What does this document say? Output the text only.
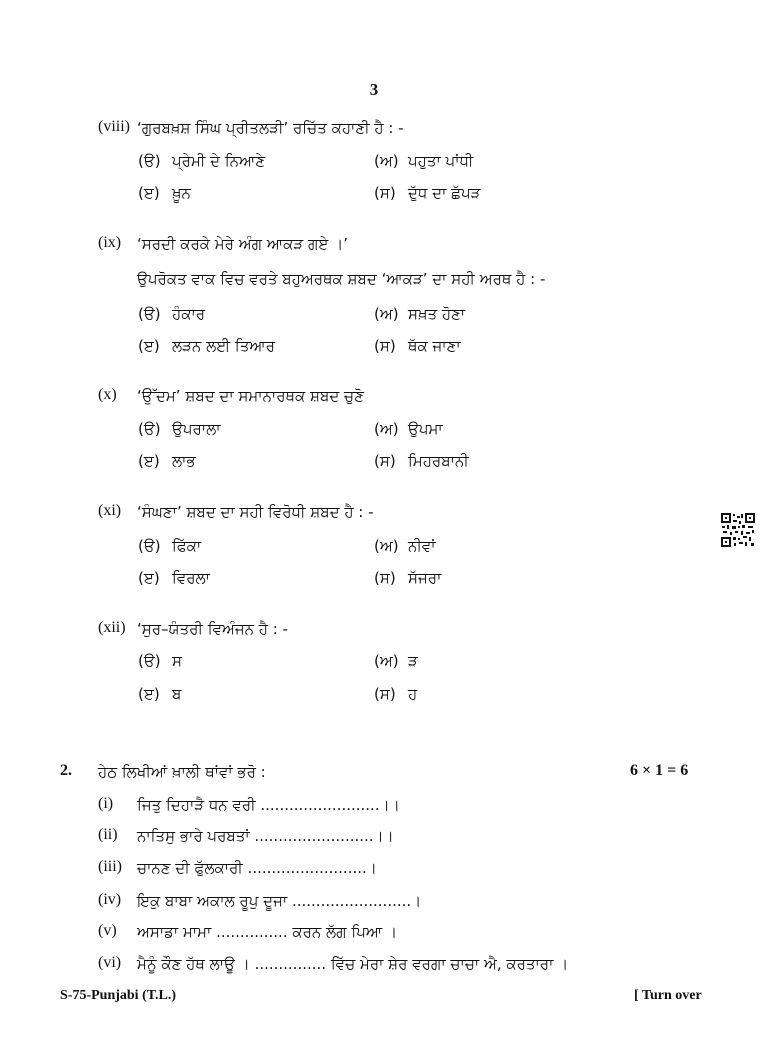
3
(viii) ‘ਗੁਰਬਖ਼ਸ਼ ਸਿੰਘ ਪ੍ਰੀਤਲੜੀ’ ਰਚਿੱਤ ਕਹਾਣੀ ਹੈ : -
(ੳ) ਪ੍ਰੇਮੀ ਦੇ ਨਿਆਣੇ	(ਅ) ਪਹੁਤਾ ਪਾਂਧੀ
(ੲ) ਖ਼ੂਨ	(ਸ) ਦੁੱਧ ਦਾ ਛੱਪੜ
(ix) ‘ਸਰਦੀ ਕਰਕੇ ਮੇਰੇ ਅੰਗ ਆਕੜ ਗਏ ।’
ਉਪਰੋਕਤ ਵਾਕ ਵਿਚ ਵਰਤੇ ਬਹੁਅਰਥਕ ਸ਼ਬਦ ‘ਆਕੜ’ ਦਾ ਸਹੀ ਅਰਥ ਹੈ : -
(ੳ) ਹੰਕਾਰ	(ਅ) ਸਖ਼ਤ ਹੋਣਾ
(ੲ) ਲੜਨ ਲਈ ਤਿਆਰ	(ਸ) ਥੱਕ ਜਾਣਾ
(x) ‘ਉੱਦਮ’ ਸ਼ਬਦ ਦਾ ਸਮਾਨਾਰਥਕ ਸ਼ਬਦ ਚੁਣੋ
(ੳ) ਉਪਰਾਲਾ	(ਅ) ਉਪਮਾ
(ੲ) ਲਾਭ	(ਸ) ਮਿਹਰਬਾਨੀ
(xi) ‘ਸੰਘਣਾ’ ਸ਼ਬਦ ਦਾ ਸਹੀ ਵਿਰੋਧੀ ਸ਼ਬਦ ਹੈ : -
(ੳ) ਫਿੱਕਾ	(ਅ) ਨੀਵਾਂ
(ੲ) ਵਿਰਲਾ	(ਸ) ਸੱਜਰਾ
(xii) ‘ਸੁਰ–ਯੰਤਰੀ ਵਿਅੰਜਨ ਹੈ : -
(ੳ) ਸ	(ਅ) ੜ
(ੲ) ਬ	(ਸ) ਹ
2. ਹੇਠ ਲਿਖੀਆਂ ਖ਼ਾਲੀ ਥਾਂਵਾਂ ਭਰੋ :	6 × 1 = 6
(i) ਜਿਤੁ ਦਿਹਾੜੈ ਧਨ ਵਰੀ .........................।।
(ii) ਨਾਤਿਸੁ ਭਾਰੇ ਪਰਬਤਾਂ .........................।।
(iii) ਚਾਨਣ ਦੀ ਫੁੱਲਕਾਰੀ .........................।
(iv) ਇਕੁ ਬਾਬਾ ਅਕਾਲ ਰੂਪੁ ਦੂਜਾ .........................।
(v) ਅਸਾਡਾ ਮਾਮਾ ............... ਕਰਨ ਲੱਗ ਪਿਆ ।
(vi) ਮੈਨੂੰ ਕੌਣ ਹੱਥ ਲਾਊ । ............... ਵਿੱਚ ਮੇਰਾ ਸ਼ੇਰ ਵਰਗਾ ਚਾਚਾ ਐ, ਕਰਤਾਰਾ ।
S-75-Punjabi (T.L.)	[ Turn over
